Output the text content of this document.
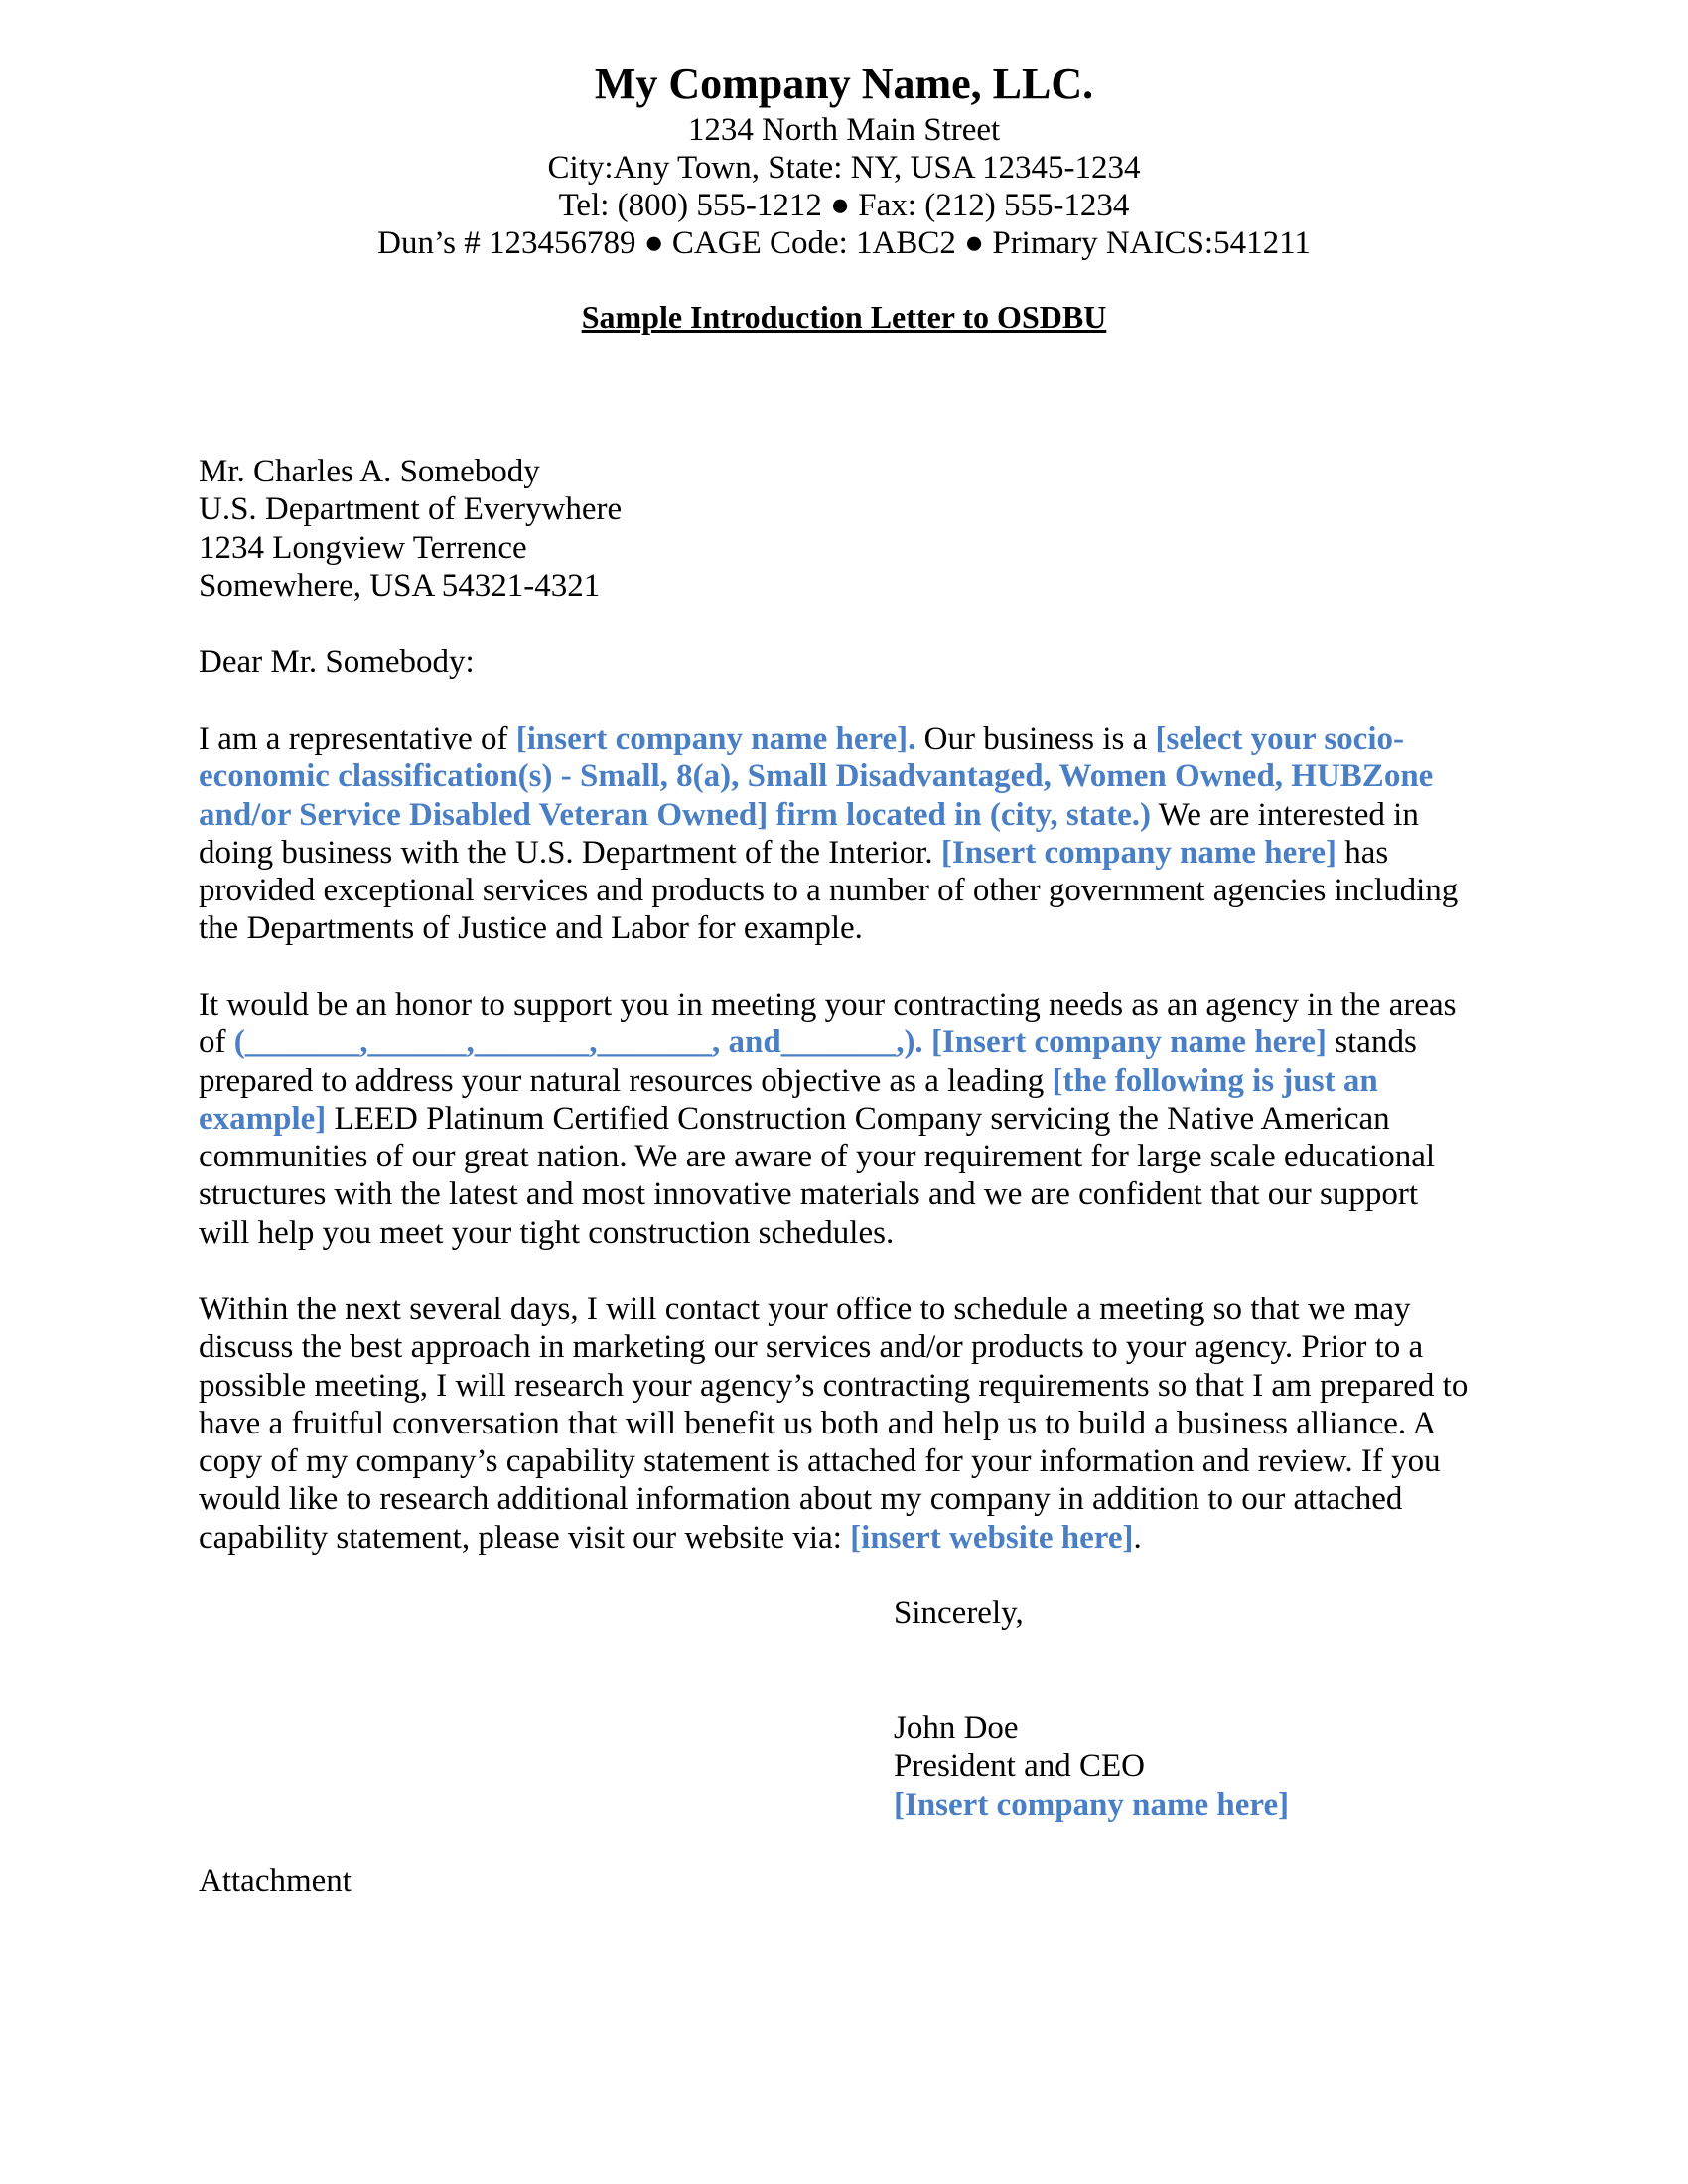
My Company Name, LLC.

1234 North Main Street

City:Any Town, State: NY, USA 12345-1234

Tel: (800) 555-1212 ● Fax: (212) 555-1234

Dun’s # 123456789 ● CAGE Code: 1ABC2 ● Primary NAICS:541211

Sample Introduction Letter to OSDBU
Mr. Charles A. Somebody
U.S. Department of Everywhere
1234 Longview Terrence
Somewhere, USA 54321-4321
Dear Mr. Somebody:
I am a representative of [insert company name here]. Our business is a [select your socio-
economic classification(s) - Small, 8(a), Small Disadvantaged, Women Owned, HUBZone
and/or Service Disabled Veteran Owned] firm located in (city, state.) We are interested in
doing business with the U.S. Department of the Interior. [Insert company name here] has
provided exceptional services and products to a number of other government agencies including
the Departments of Justice and Labor for example.
It would be an honor to support you in meeting your contracting needs as an agency in the areas
of (_______,______,_______,_______, and_______,). [Insert company name here] stands
prepared to address your natural resources objective as a leading [the following is just an
example] LEED Platinum Certified Construction Company servicing the Native American
communities of our great nation. We are aware of your requirement for large scale educational
structures with the latest and most innovative materials and we are confident that our support
will help you meet your tight construction schedules.
Within the next several days, I will contact your office to schedule a meeting so that we may
discuss the best approach in marketing our services and/or products to your agency. Prior to a
possible meeting, I will research your agency’s contracting requirements so that I am prepared to
have a fruitful conversation that will benefit us both and help us to build a business alliance. A
copy of my company’s capability statement is attached for your information and review. If you
would like to research additional information about my company in addition to our attached
capability statement, please visit our website via: [insert website here].
Sincerely,
John Doe
President and CEO
[Insert company name here]
Attachment
